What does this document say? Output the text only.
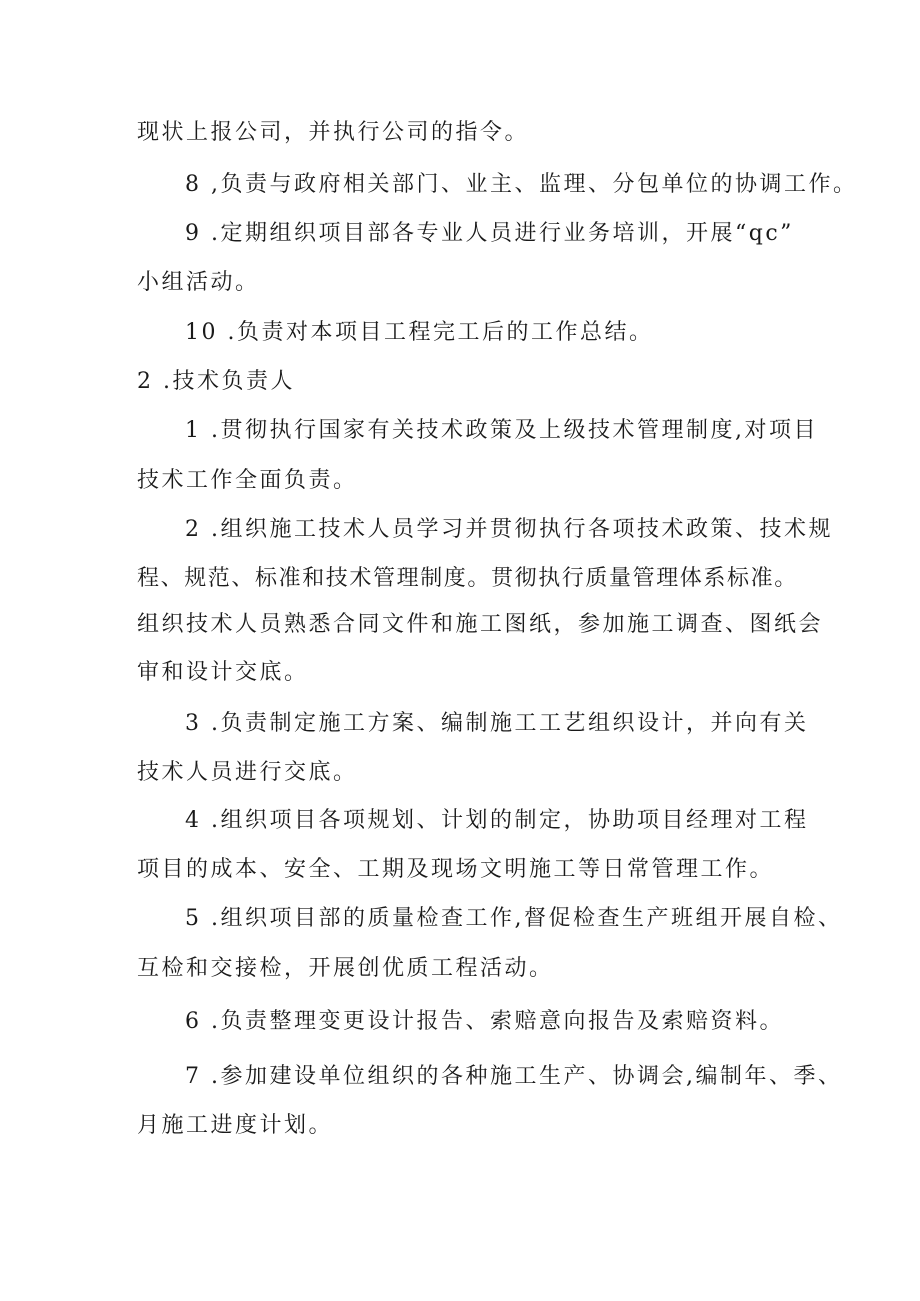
现状上报公司，并执行公司的指令。
8 ,负责与政府相关部门、业主、监理、分包单位的协调工作。
9 .定期组织项目部各专业人员进行业务培训，开展“qc”
小组活动。
10 .负责对本项目工程完工后的工作总结。
2 .技术负责人
1 .贯彻执行国家有关技术政策及上级技术管理制度,对项目
技术工作全面负责。
2 .组织施工技术人员学习并贯彻执行各项技术政策、技术规
程、规范、标准和技术管理制度。贯彻执行质量管理体系标准。
组织技术人员熟悉合同文件和施工图纸，参加施工调查、图纸会
审和设计交底。
3 .负责制定施工方案、编制施工工艺组织设计，并向有关
技术人员进行交底。
4 .组织项目各项规划、计划的制定，协助项目经理对工程
项目的成本、安全、工期及现场文明施工等日常管理工作。
5 .组织项目部的质量检查工作,督促检查生产班组开展自检、
互检和交接检，开展创优质工程活动。
6 .负责整理变更设计报告、索赔意向报告及索赔资料。
7 .参加建设单位组织的各种施工生产、协调会,编制年、季、
月施工进度计划。
